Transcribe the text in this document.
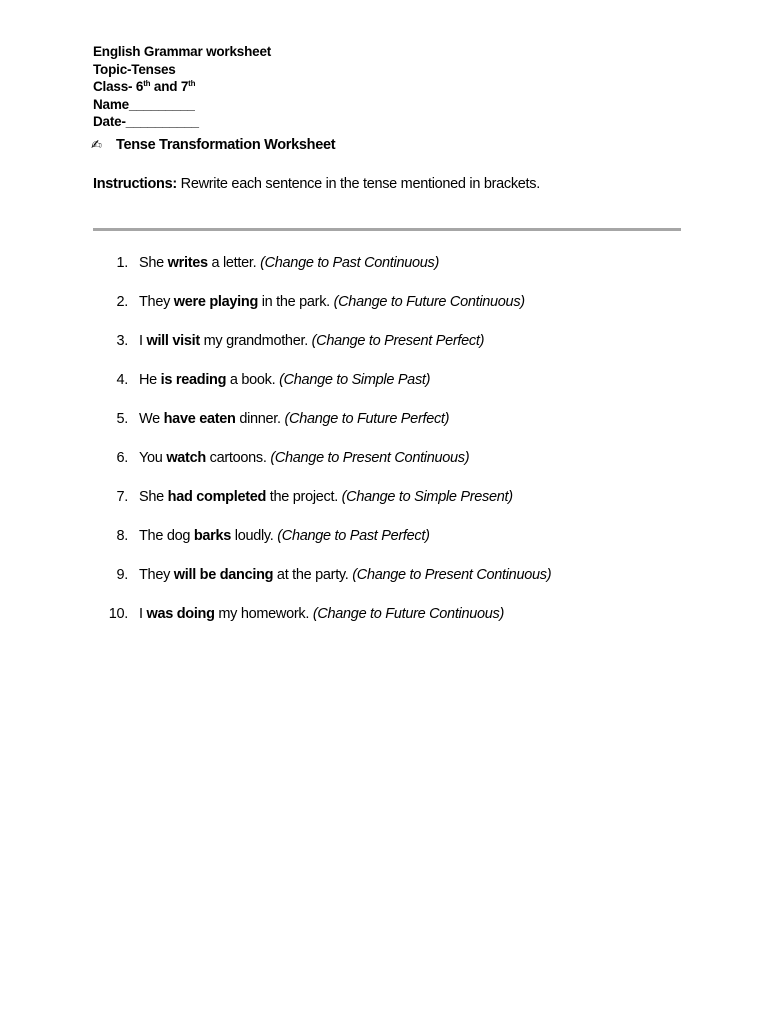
English Grammar worksheet
Topic-Tenses
Class- 6th and 7th
Name_________
Date-__________
✍ Tense Transformation Worksheet
Instructions: Rewrite each sentence in the tense mentioned in brackets.
1. She writes a letter. (Change to Past Continuous)
2. They were playing in the park. (Change to Future Continuous)
3. I will visit my grandmother. (Change to Present Perfect)
4. He is reading a book. (Change to Simple Past)
5. We have eaten dinner. (Change to Future Perfect)
6. You watch cartoons. (Change to Present Continuous)
7. She had completed the project. (Change to Simple Present)
8. The dog barks loudly. (Change to Past Perfect)
9. They will be dancing at the party. (Change to Present Continuous)
10. I was doing my homework. (Change to Future Continuous)
